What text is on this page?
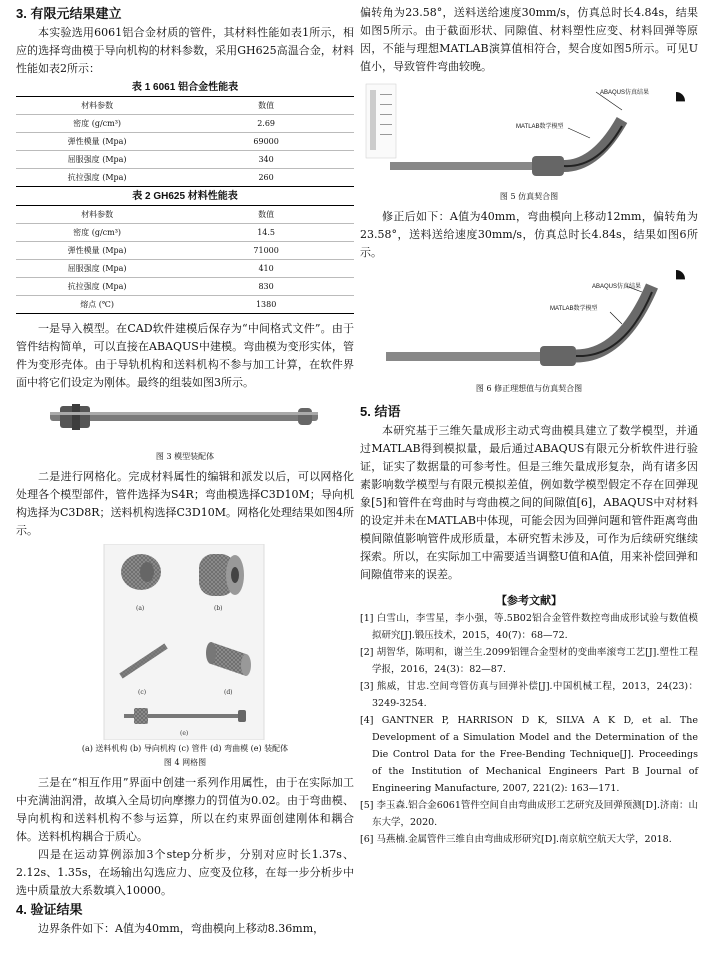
3. 有限元结果建立

本实验选用6061铝合金材质的管件，其材料性能如表1所示，相应的选择弯曲模于导向机构的材料参数，采用GH625高温合金，材料性能如表2所示：

表 1 6061 铝合金性能表
材料参数	数值
密度 (g/cm³)	2.69
弹性模量 (Mpa)	69000
屈服强度 (Mpa)	340
抗拉强度 (Mpa)	260
表 2 GH625 材料性能表
材料参数	数值
密度 (g/cm³)	14.5
弹性模量 (Mpa)	71000
屈服强度 (Mpa)	410
抗拉强度 (Mpa)	830
熔点 (℃)	1380

一是导入模型。在CAD软件建模后保存为“中间格式文件”。由于管件结构简单，可以直接在ABAQUS中建模。弯曲模为变形实体，管件为变形壳体。由于导轨机构和送料机构不参与加工计算，在软件界面中将它们设定为刚体。最终的组装如图3所示。

图 3 模型装配体

二是进行网格化。完成材料属性的编辑和派发以后，可以网格化处理各个模型部件，管件选择为S4R；弯曲模选择C3D10M；导向机构选择为C3D8R；送料机构选择C3D10M。网格化处理结果如图4所示。

(a)	(b)
(c)	(d)
(e)
(a) 送料机构 (b) 导向机构 (c) 管件 (d) 弯曲模 (e) 装配体
图 4 网格图

三是在“相互作用”界面中创建一系列作用属性，由于在实际加工中充满油润滑，故填入全局切向摩擦力的罚值为0.02。由于弯曲模、导向机构和送料机构不参与运算，所以在约束界面创建刚体和耦合体。送料机构耦合于质心。

四是在运动算例添加3个step分析步，分别对应时长1.37s、2.12s、1.35s，在场输出勾选应力、应变及位移，在每一步分析步中选中质量放大系数填入10000。

4. 验证结果

边界条件如下：A值为40mm，弯曲模向上移动8.36mm，

偏转角为23.58°，送料送给速度30mm/s，仿真总时长4.84s，结果如图5所示。由于截面形状、同隙值、材料塑性应变、材料回弹等原因，不能与理想MATLAB演算值相符合，契合度如图5所示。可见U值小，导致管件弯曲较晚。

ABAQUS仿真结果
MATLAB数学模型
图 5 仿真契合图

修正后如下：A值为40mm，弯曲模向上移动12mm，偏转角为23.58°，送料送给速度30mm/s，仿真总时长4.84s，结果如图6所示。

ABAQUS仿真结果
MATLAB数学模型
图 6 修正理想值与仿真契合图
5. 结语

本研究基于三维矢量成形主动式弯曲模具建立了数学模型，并通过MATLAB得到模拟量，最后通过ABAQUS有限元分析软件进行验证，证实了数据量的可参考性。但是三维矢量成形复杂，尚有诸多因素影响数学模型与有限元模拟差值，例如数学模型假定不存在回弹现象[5]和管件在弯曲时与弯曲模之间的间隙值[6]，ABAQUS中对材料的设定并未在MATLAB中体现，可能会因为回弹问题和管件距离弯曲模间隙值影响管件成形质量，本研究暂未涉及，可作为后续研究继续探索。所以，在实际加工中需要适当调整U值和A值，用来补偿回弹和间隙值带来的误差。

【参考文献】
[1] 白雪山，李雪星，李小强，等.5B02铝合金管件数控弯曲成形试验与数值模拟研究[J].锻压技术，2015，40(7)：68—72.
[2] 胡智华，陈明和，谢兰生.2099铝锂合金型材的变曲率滚弯工艺[J].塑性工程学报，2016，24(3)：82—87.
[3] 熊威，甘忠.空间弯管仿真与回弹补偿[J].中国机械工程，2013，24(23)：3249-3254.
[4] GANTNER P, HARRISON D K, SILVA A K D, et al. The Development of a Simulation Model and the Determination of the Die Control Data for the Free-Bending Technique[J]. Proceedings of the Institution of Mechanical Engineers Part B Journal of Engineering Manufacture, 2007, 221(2): 163—171.
[5] 李玉森.铝合金6061管件空间自由弯曲成形工艺研究及回弹预测[D].济南：山东大学，2020.
[6] 马燕楠.金属管件三维自由弯曲成形研究[D].南京航空航天大学，2018.
